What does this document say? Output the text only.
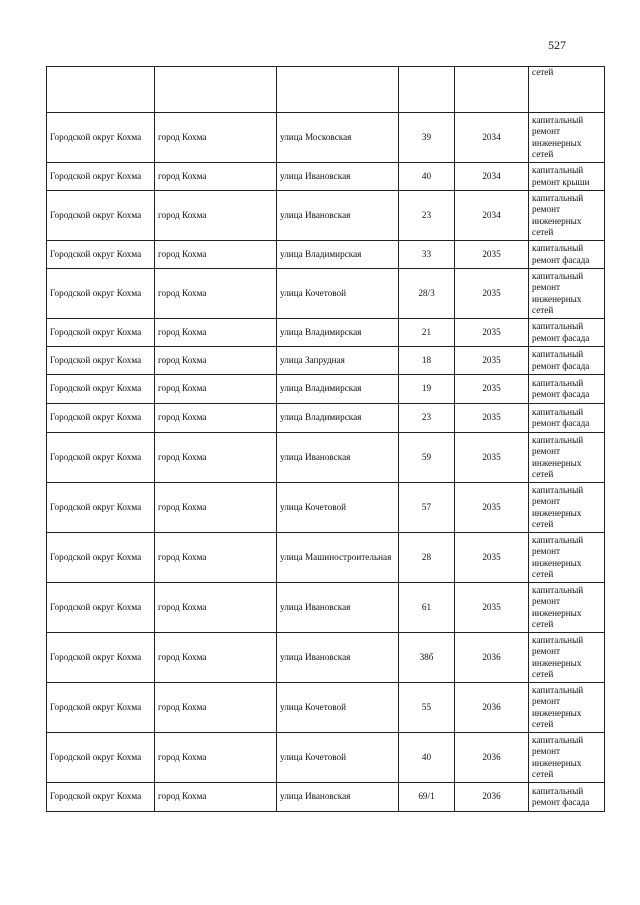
527
					сетей
Городской округ Кохма	город Кохма	улица Московская	39	2034	капитальный ремонт инженерных сетей
Городской округ Кохма	город Кохма	улица Ивановская	40	2034	капитальный ремонт крыши
Городской округ Кохма	город Кохма	улица Ивановская	23	2034	капитальный ремонт инженерных сетей
Городской округ Кохма	город Кохма	улица Владимирская	33	2035	капитальный ремонт фасада
Городской округ Кохма	город Кохма	улица Кочетовой	28/3	2035	капитальный ремонт инженерных сетей
Городской округ Кохма	город Кохма	улица Владимирская	21	2035	капитальный ремонт фасада
Городской округ Кохма	город Кохма	улица Запрудная	18	2035	капитальный ремонт фасада
Городской округ Кохма	город Кохма	улица Владимирская	19	2035	капитальный ремонт фасада
Городской округ Кохма	город Кохма	улица Владимирская	23	2035	капитальный ремонт фасада
Городской округ Кохма	город Кохма	улица Ивановская	59	2035	капитальный ремонт инженерных сетей
Городской округ Кохма	город Кохма	улица Кочетовой	57	2035	капитальный ремонт инженерных сетей
Городской округ Кохма	город Кохма	улица Машиностроительная	28	2035	капитальный ремонт инженерных сетей
Городской округ Кохма	город Кохма	улица Ивановская	61	2035	капитальный ремонт инженерных сетей
Городской округ Кохма	город Кохма	улица Ивановская	38б	2036	капитальный ремонт инженерных сетей
Городской округ Кохма	город Кохма	улица Кочетовой	55	2036	капитальный ремонт инженерных сетей
Городской округ Кохма	город Кохма	улица Кочетовой	40	2036	капитальный ремонт инженерных сетей
Городской округ Кохма	город Кохма	улица Ивановская	69/1	2036	капитальный ремонт фасада
